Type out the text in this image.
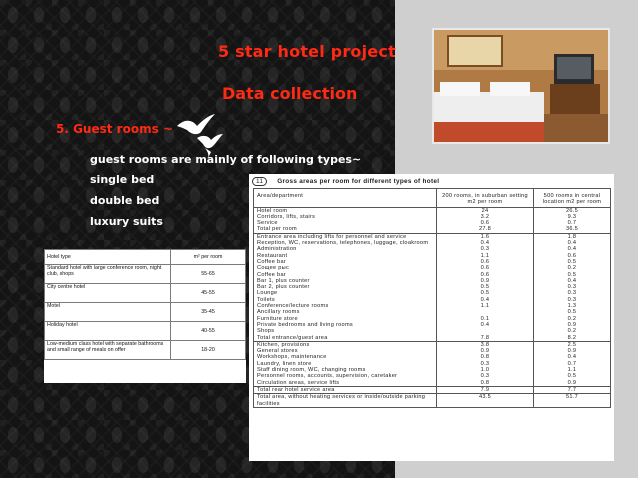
5 star hotel project
Data collection
5. Guest rooms ~
guest rooms are mainly of following types~
single bed
double bed
luxury suits
Hotel type	m² per room
Standard hotel with large conference room, night club, shops	55-65
City centre hotel	45-55
Motel	35-45
Holiday hotel	40-55
Low-medium class hotel with separate bathrooms and small range of meals on offer	18-20
11 Gross areas per room for different types of hotel
Area/department	200 rooms, in suburban setting m2 per room	500 rooms in central location m2 per room
Hotel room	24	26.5
Corridors, lifts, stairs	3.2	9.3
Service	0.6	0.7
Total per room	27.8	36.5
Entrance area including lifts for personnel and service	1.6	1.8
Reception, WC, reservations, telephones, luggage, cloakroom	0.4	0.4
Administration	0.3	0.4
Restaurant	1.1	0.6
Coffee bar	0.6	0.5
Сощее рыс	0.6	0.2
Coffee bar	0.6	0.5
Bar 1, plus counter	0.9	0.4
Bar 2, plus counter	0.5	0.3
Lounge	0.5	0.3
Toilets	0.4	0.3
Conference/lecture rooms	1.1	1.3
Ancillary rooms		0.5
Furniture store	0.1	0.2
Private bedrooms and living rooms	0.4	0.9
Shops		0.2
Total entrance/guest area	7.8	8.2
Kitchen, provisions	3.8	2.5
General stores	0.9	0.9
Workshops, maintenance	0.8	0.4
Laundry, linen store	0.3	0.7
Staff dining room, WC, changing rooms	1.0	1.1
Personnel rooms, accounts, supervision, caretaker	0.3	0.5
Circulation areas, service lifts	0.8	0.9
Total rear hotel service area	7.9	7.7
Total area, without heating services or inside/outside parking facilities	43.5	51.7
